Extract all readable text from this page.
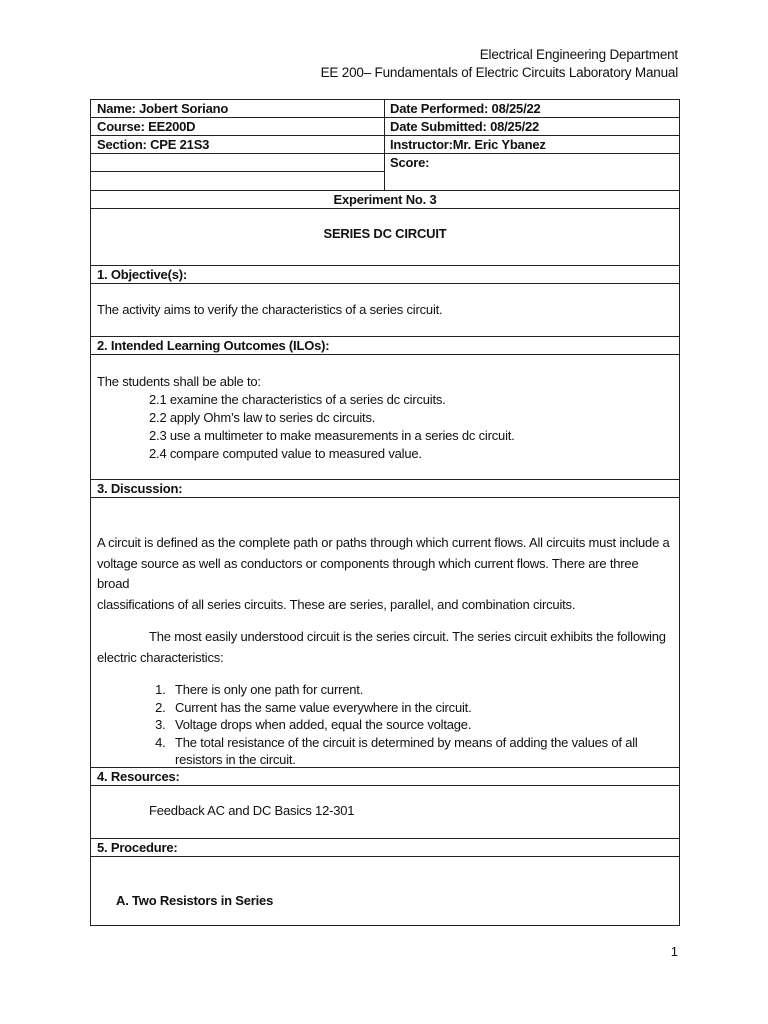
Electrical Engineering Department
EE 200– Fundamentals of Electric Circuits Laboratory Manual
Name: Jobert Soriano	Date Performed: 08/25/22
Course: EE200D	Date Submitted: 08/25/22
Section: CPE 21S3	Instructor:Mr. Eric Ybanez
Score:
Experiment No. 3
SERIES DC CIRCUIT
1. Objective(s):
The activity aims to verify the characteristics of a series circuit.
2. Intended Learning Outcomes (ILOs):
The students shall be able to:
2.1 examine the characteristics of a series dc circuits.
2.2 apply Ohm’s law to series dc circuits.
2.3 use a multimeter to make measurements in a series dc circuit.
2.4 compare computed value to measured value.
3. Discussion:
A circuit is defined as the complete path or paths through which current flows. All circuits must include a
voltage source as well as conductors or components through which current flows. There are three broad
classifications of all series circuits. These are series, parallel, and combination circuits.
The most easily understood circuit is the series circuit. The series circuit exhibits the following
electric characteristics:
1. There is only one path for current.
2. Current has the same value everywhere in the circuit.
3. Voltage drops when added, equal the source voltage.
4. The total resistance of the circuit is determined by means of adding the values of all resistors in the circuit.
4. Resources:
Feedback AC and DC Basics 12-301
5. Procedure:
A. Two Resistors in Series
1
